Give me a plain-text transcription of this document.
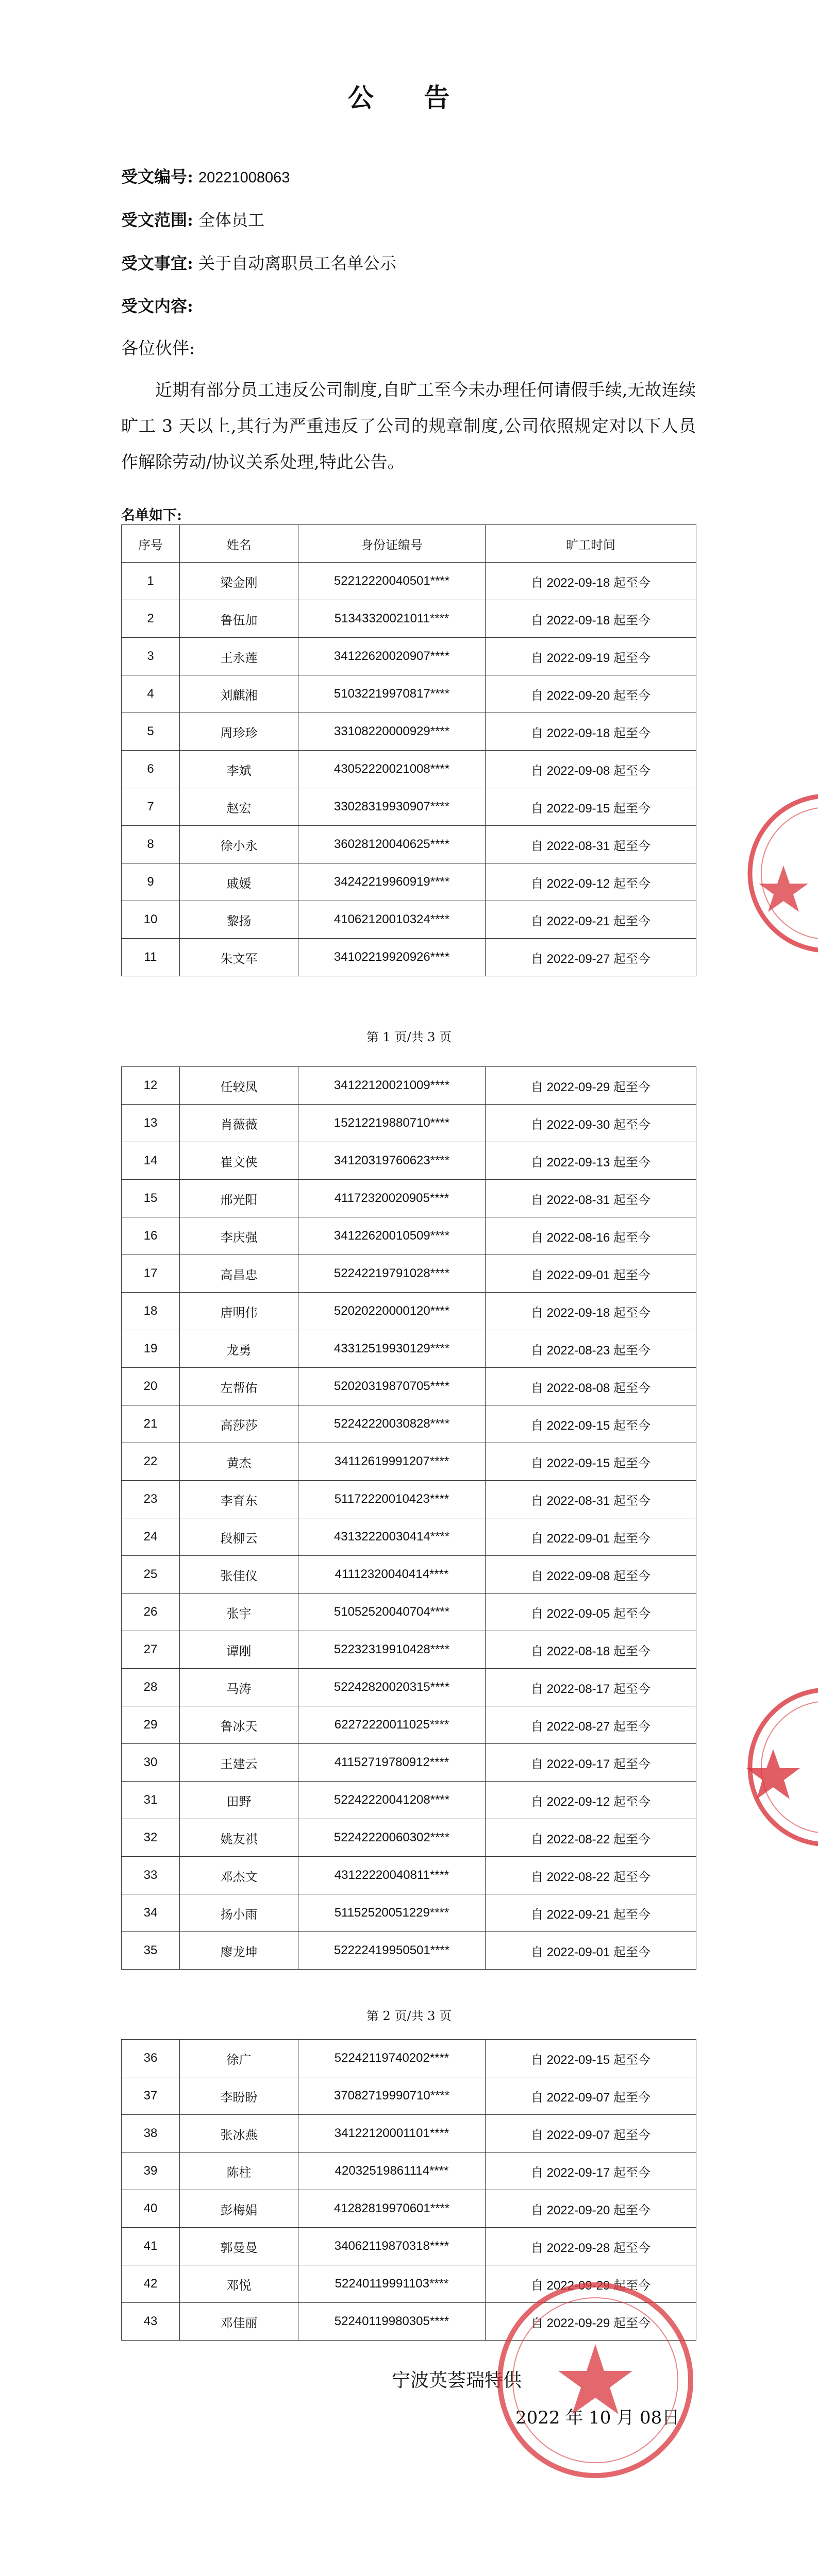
公 告
受文编号: 20221008063
受文范围: 全体员工
受文事宜: 关于自动离职员工名单公示
受文内容:
各位伙伴:
近期有部分员工违反公司制度,自旷工至今未办理任何请假手续,无故连续旷工 3 天以上,其行为严重违反了公司的规章制度,公司依照规定对以下人员作解除劳动/协议关系处理,特此公告。
名单如下:
序号	姓名	身份证编号	旷工时间
1	梁金刚	52212220040501****	自 2022-09-18 起至今
2	鲁伍加	51343320021011****	自 2022-09-18 起至今
3	王永莲	34122620020907****	自 2022-09-19 起至今
4	刘麒湘	51032219970817****	自 2022-09-20 起至今
5	周珍珍	33108220000929****	自 2022-09-18 起至今
6	李斌	43052220021008****	自 2022-09-08 起至今
7	赵宏	33028319930907****	自 2022-09-15 起至今
8	徐小永	36028120040625****	自 2022-08-31 起至今
9	戚媛	34242219960919****	自 2022-09-12 起至今
10	黎扬	41062120010324****	自 2022-09-21 起至今
11	朱文军	34102219920926****	自 2022-09-27 起至今
第 1 页/共 3 页
12	任较凤	34122120021009****	自 2022-09-29 起至今
13	肖薇薇	15212219880710****	自 2022-09-30 起至今
14	崔文侠	34120319760623****	自 2022-09-13 起至今
15	邢光阳	41172320020905****	自 2022-08-31 起至今
16	李庆强	34122620010509****	自 2022-08-16 起至今
17	高昌忠	52242219791028****	自 2022-09-01 起至今
18	唐明伟	52020220000120****	自 2022-09-18 起至今
19	龙勇	43312519930129****	自 2022-08-23 起至今
20	左帮佑	52020319870705****	自 2022-08-08 起至今
21	高莎莎	52242220030828****	自 2022-09-15 起至今
22	黄杰	34112619991207****	自 2022-09-15 起至今
23	李育东	51172220010423****	自 2022-08-31 起至今
24	段柳云	43132220030414****	自 2022-09-01 起至今
25	张佳仪	41112320040414****	自 2022-09-08 起至今
26	张宇	51052520040704****	自 2022-09-05 起至今
27	谭刚	52232319910428****	自 2022-08-18 起至今
28	马涛	52242820020315****	自 2022-08-17 起至今
29	鲁冰天	62272220011025****	自 2022-08-27 起至今
30	王建云	41152719780912****	自 2022-09-17 起至今
31	田野	52242220041208****	自 2022-09-12 起至今
32	姚友祺	52242220060302****	自 2022-08-22 起至今
33	邓杰文	43122220040811****	自 2022-08-22 起至今
34	扬小雨	51152520051229****	自 2022-09-21 起至今
35	廖龙坤	52222419950501****	自 2022-09-01 起至今
第 2 页/共 3 页
36	徐广	52242119740202****	自 2022-09-15 起至今
37	李盼盼	37082719990710****	自 2022-09-07 起至今
38	张冰燕	34122120001101****	自 2022-09-07 起至今
39	陈柱	42032519861114****	自 2022-09-17 起至今
40	彭梅娟	41282819970601****	自 2022-09-20 起至今
41	郭曼曼	34062119870318****	自 2022-09-28 起至今
42	邓悦	52240119991103****	自 2022-09-29 起至今
43	邓佳丽	52240119980305****	自 2022-09-29 起至今
宁波英荟瑞特供
2022 年 10 月 08日
